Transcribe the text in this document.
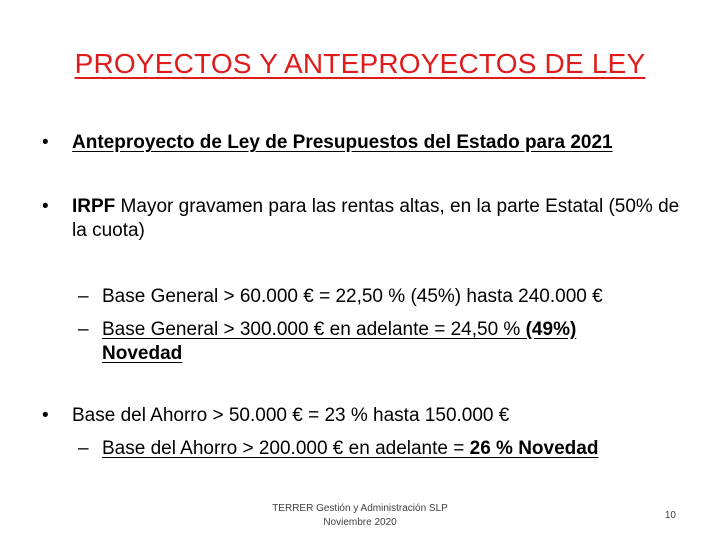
PROYECTOS Y ANTEPROYECTOS DE LEY
• Anteproyecto de Ley de Presupuestos del Estado para 2021
• IRPF Mayor gravamen para las rentas altas, en la parte Estatal (50% de la cuota)
– Base General > 60.000 € = 22,50 % (45%) hasta 240.000 €
– Base General > 300.000 € en adelante = 24,50 % (49%)
Novedad
• Base del Ahorro > 50.000 € = 23 % hasta 150.000 €
– Base del Ahorro > 200.000 € en adelante = 26 % Novedad
TERRER Gestión y Administración SLP
Noviembre 2020
10
